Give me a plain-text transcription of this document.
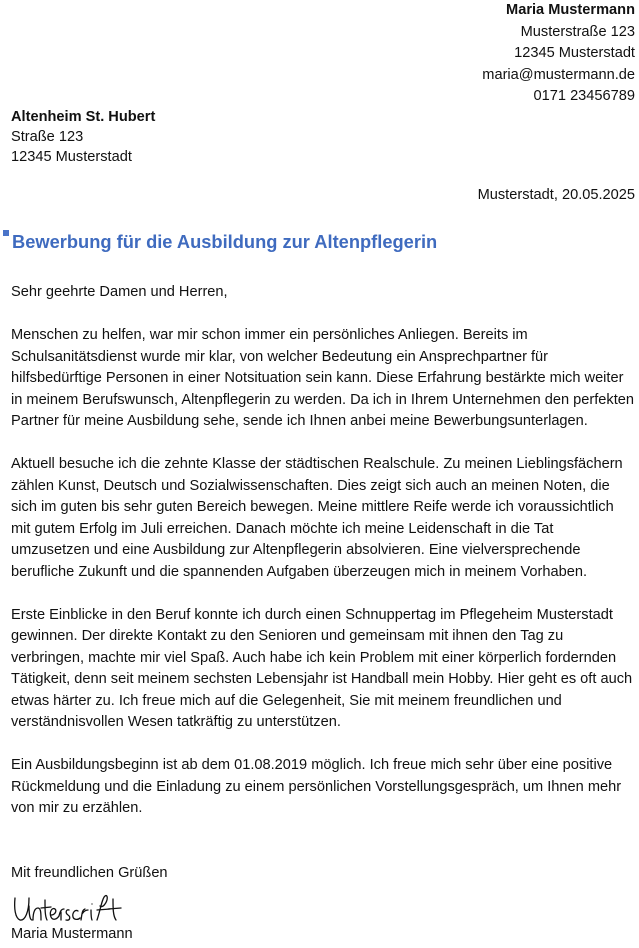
Maria Mustermann
Musterstraße 123
12345 Musterstadt
maria@mustermann.de
0171 23456789
Altenheim St. Hubert
Straße 123
12345 Musterstadt
Musterstadt, 20.05.2025
Bewerbung für die Ausbildung zur Altenpflegerin

Sehr geehrte Damen und Herren,

Menschen zu helfen, war mir schon immer ein persönliches Anliegen. Bereits im Schulsanitätsdienst wurde mir klar, von welcher Bedeutung ein Ansprechpartner für hilfsbedürftige Personen in einer Notsituation sein kann. Diese Erfahrung bestärkte mich weiter in meinem Berufswunsch, Altenpflegerin zu werden. Da ich in Ihrem Unternehmen den perfekten Partner für meine Ausbildung sehe, sende ich Ihnen anbei meine Bewerbungsunterlagen.

Aktuell besuche ich die zehnte Klasse der städtischen Realschule. Zu meinen Lieblingsfächern zählen Kunst, Deutsch und Sozialwissenschaften. Dies zeigt sich auch an meinen Noten, die sich im guten bis sehr guten Bereich bewegen. Meine mittlere Reife werde ich voraussichtlich mit gutem Erfolg im Juli erreichen. Danach möchte ich meine Leidenschaft in die Tat umzusetzen und eine Ausbildung zur Altenpflegerin absolvieren. Eine vielversprechende berufliche Zukunft und die spannenden Aufgaben überzeugen mich in meinem Vorhaben.

Erste Einblicke in den Beruf konnte ich durch einen Schnuppertag im Pflegeheim Musterstadt gewinnen. Der direkte Kontakt zu den Senioren und gemeinsam mit ihnen den Tag zu verbringen, machte mir viel Spaß. Auch habe ich kein Problem mit einer körperlich fordernden Tätigkeit, denn seit meinem sechsten Lebensjahr ist Handball mein Hobby. Hier geht es oft auch etwas härter zu. Ich freue mich auf die Gelegenheit, Sie mit meinem freundlichen und verständnisvollen Wesen tatkräftig zu unterstützen.

Ein Ausbildungsbeginn ist ab dem 01.08.2019 möglich. Ich freue mich sehr über eine positive Rückmeldung und die Einladung zu einem persönlichen Vorstellungsgespräch, um Ihnen mehr von mir zu erzählen.

Mit freundlichen Grüßen
Maria Mustermann
